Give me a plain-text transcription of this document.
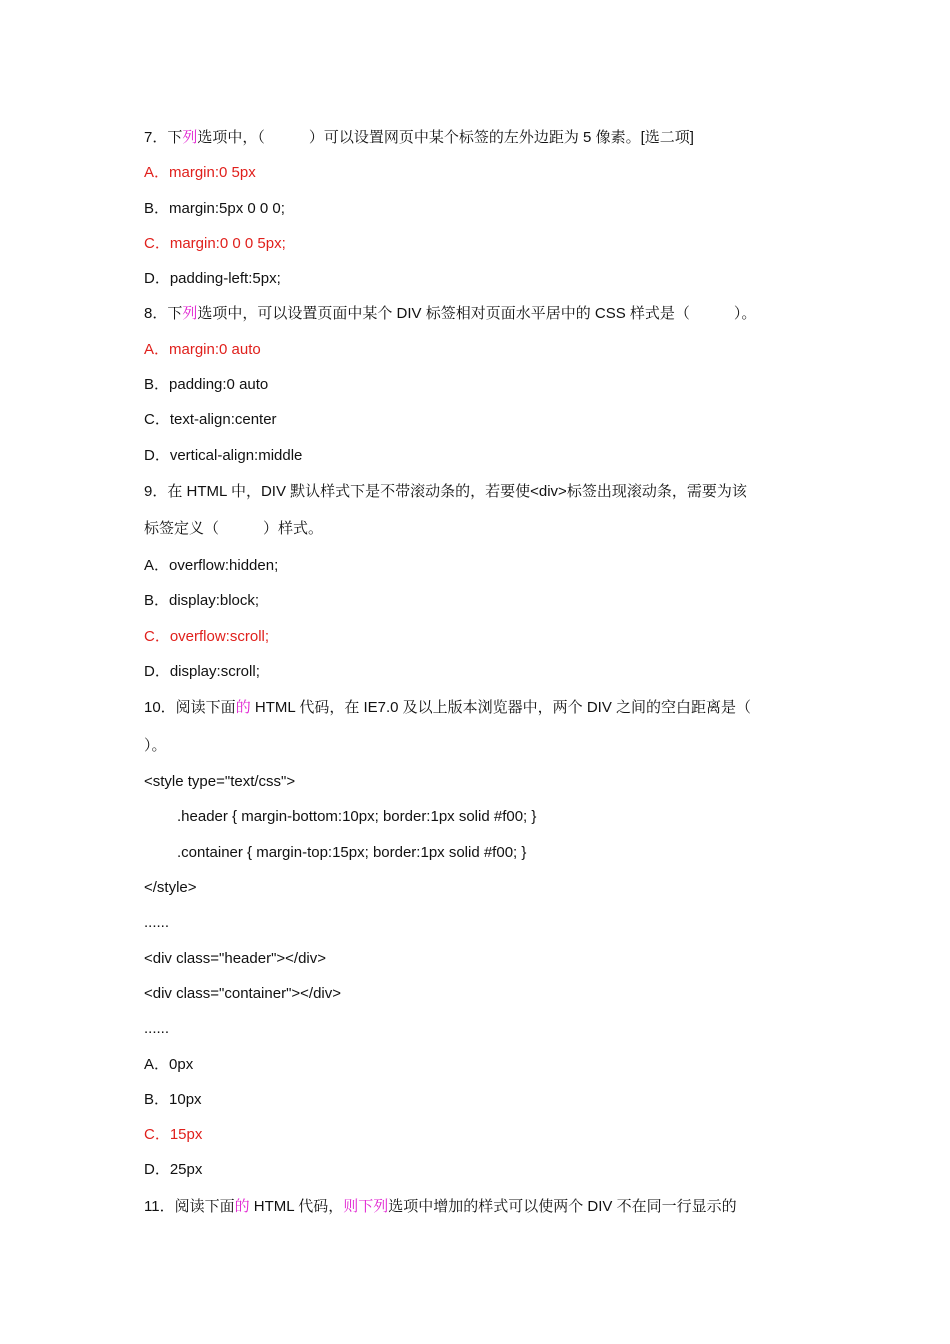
7．下列选项中，（	）可以设置网页中某个标签的左外边距为 5 像素。[选二项]
A．margin:0 5px
B．margin:5px 0 0 0;
C．margin:0 0 0 5px;
D．padding-left:5px;
8．下列选项中，可以设置页面中某个 DIV 标签相对页面水平居中的 CSS 样式是（	）。
A．margin:0 auto
B．padding:0 auto
C．text-align:center
D．vertical-align:middle
9．在 HTML 中，DIV 默认样式下是不带滚动条的，若要使<div>标签出现滚动条，需要为该
标签定义（	）样式。
A．overflow:hidden;
B．display:block;
C．overflow:scroll;
D．display:scroll;
10．阅读下面的 HTML 代码，在 IE7.0 及以上版本浏览器中，两个 DIV 之间的空白距离是（
）。
<style type="text/css">
.header { margin-bottom:10px; border:1px solid #f00; }
.container { margin-top:15px; border:1px solid #f00; }
</style>
......
<div class="header"></div>
<div class="container"></div>
......
A．0px
B．10px
C．15px
D．25px
11．阅读下面的 HTML 代码，则下列选项中增加的样式可以使两个 DIV 不在同一行显示的
